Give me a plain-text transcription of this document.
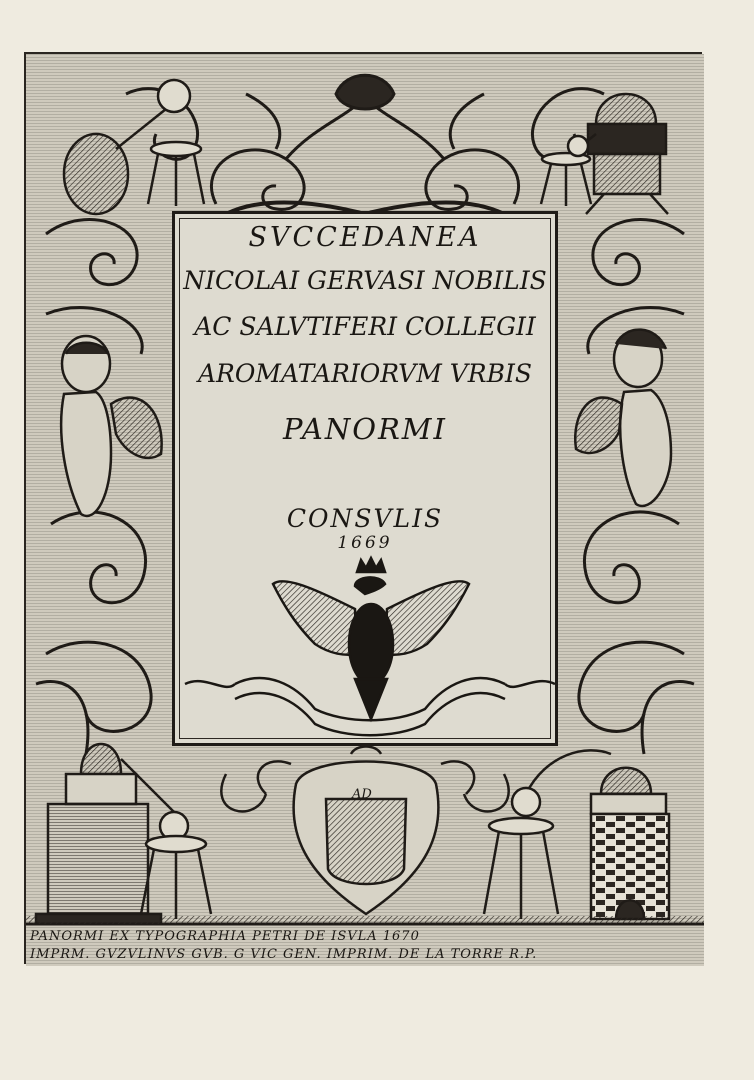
AD
SVCCEDANEA
NICOLAI GERVASI NOBILIS
AC SALVTIFERI COLLEGII
AROMATARIORVM VRBIS
PANORMI
CONSVLIS
1669
PANORMI EX TYPOGRAPHIA PETRI DE ISVLA 1670
IMPRM. GVZVLINVS GVB. G VIC GEN. IMPRIM. DE LA TORRE R.P.
